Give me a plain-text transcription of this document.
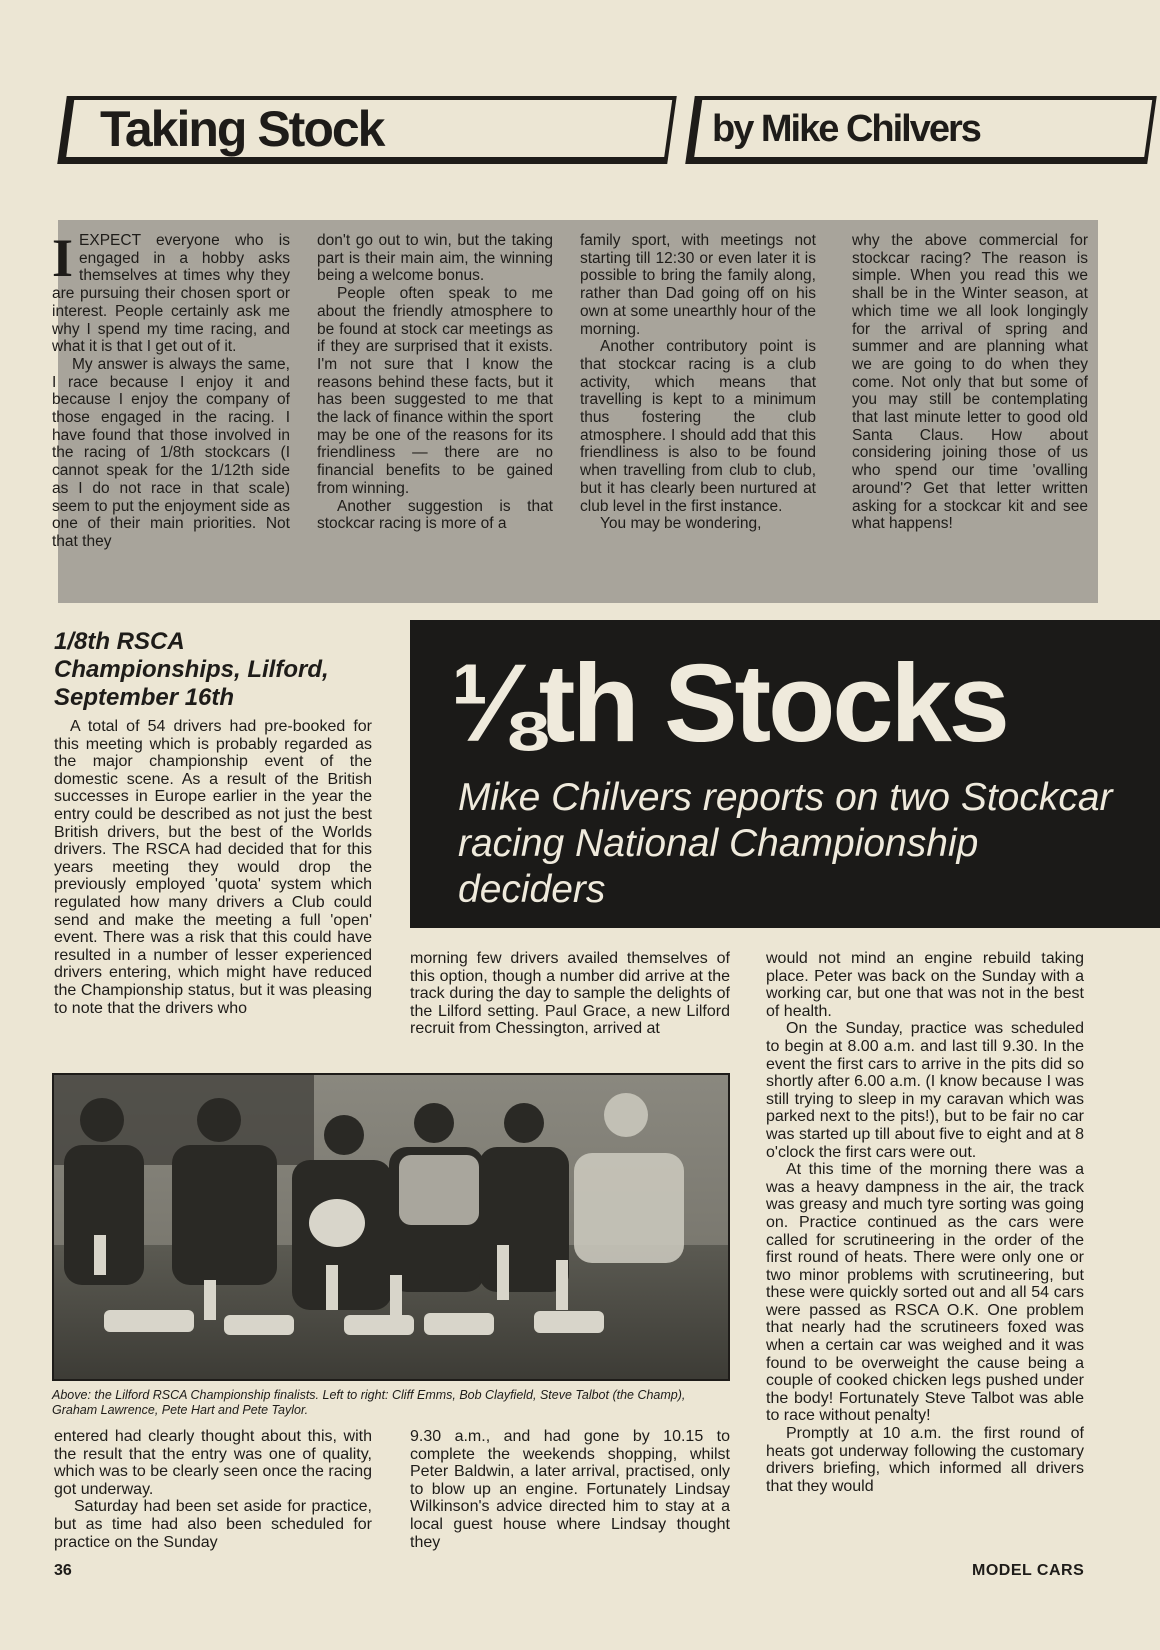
Taking Stock	by Mike Chilvers

IEXPECT everyone who is engaged in a hobby asks themselves at times why they are pursuing their chosen sport or interest. People certainly ask me why I spend my time racing, and what it is that I get out of it.

My answer is always the same, I race because I enjoy it and because I enjoy the company of those engaged in the racing. I have found that those involved in the racing of 1/8th stockcars (I cannot speak for the 1/12th side as I do not race in that scale) seem to put the enjoyment side as one of their main priorities. Not that they

don't go out to win, but the taking part is their main aim, the winning being a welcome bonus.

People often speak to me about the friendly atmosphere to be found at stock car meetings as if they are surprised that it exists. I'm not sure that I know the reasons behind these facts, but it has been suggested to me that the lack of finance within the sport may be one of the reasons for its friendliness — there are no financial benefits to be gained from winning.

Another suggestion is that stockcar racing is more of a

family sport, with meetings not starting till 12:30 or even later it is possible to bring the family along, rather than Dad going off on his own at some unearthly hour of the morning.

Another contributory point is that stockcar racing is a club activity, which means that travelling is kept to a minimum thus fostering the club atmosphere. I should add that this friendliness is also to be found when travelling from club to club, but it has clearly been nurtured at club level in the first instance.

You may be wondering,

why the above commercial for stockcar racing? The reason is simple. When you read this we shall be in the Winter season, at which time we all look longingly for the arrival of spring and summer and are planning what we are going to do when they come. Not only that but some of you may still be contemplating that last minute letter to good old Santa Claus. How about considering joining those of us who spend our time 'ovalling around'? Get that letter written asking for a stockcar kit and see what happens!

1/8th RSCA Championships, Lilford, September 16th	⅛th Stocks
Mike Chilvers reports on two Stockcar racing National Championship deciders

A total of 54 drivers had pre-booked for this meeting which is probably regarded as the major championship event of the domestic scene. As a result of the British successes in Europe earlier in the year the entry could be described as not just the best British drivers, but the best of the Worlds drivers. The RSCA had decided that for this years meeting they would drop the previously employed 'quota' system which regulated how many drivers a Club could send and make the meeting a full 'open' event. There was a risk that this could have resulted in a number of lesser experienced drivers entering, which might have reduced the Championship status, but it was pleasing to note that the drivers who

morning few drivers availed themselves of this option, though a number did arrive at the track during the day to sample the delights of the Lilford setting. Paul Grace, a new Lilford recruit from Chessington, arrived at

would not mind an engine rebuild taking place. Peter was back on the Sunday with a working car, but one that was not in the best of health.

On the Sunday, practice was scheduled to begin at 8.00 a.m. and last till 9.30. In the event the first cars to arrive in the pits did so shortly after 6.00 a.m. (I know because I was still trying to sleep in my caravan which was parked next to the pits!), but to be fair no car was started up till about five to eight and at 8 o'clock the first cars were out.

At this time of the morning there was a was a heavy dampness in the air, the track was greasy and much tyre sorting was going on. Practice continued as the cars were called for scrutineering in the order of the first round of heats. There were only one or two minor problems with scrutineering, but these were quickly sorted out and all 54 cars were passed as RSCA O.K. One problem that nearly had the scrutineers foxed was when a certain car was weighed and it was found to be overweight the cause being a couple of cooked chicken legs pushed under the body! Fortunately Steve Talbot was able to race without penalty!

Promptly at 10 a.m. the first round of heats got underway following the customary drivers briefing, which informed all drivers that they would

Above: the Lilford RSCA Championship finalists. Left to right: Cliff Emms, Bob Clayfield, Steve Talbot (the Champ), Graham Lawrence, Pete Hart and Pete Taylor.

entered had clearly thought about this, with the result that the entry was one of quality, which was to be clearly seen once the racing got underway.

Saturday had been set aside for practice, but as time had also been scheduled for practice on the Sunday

9.30 a.m., and had gone by 10.15 to complete the weekends shopping, whilst Peter Baldwin, a later arrival, practised, only to blow up an engine. Fortunately Lindsay Wilkinson's advice directed him to stay at a local guest house where Lindsay thought they

36	MODEL CARS
